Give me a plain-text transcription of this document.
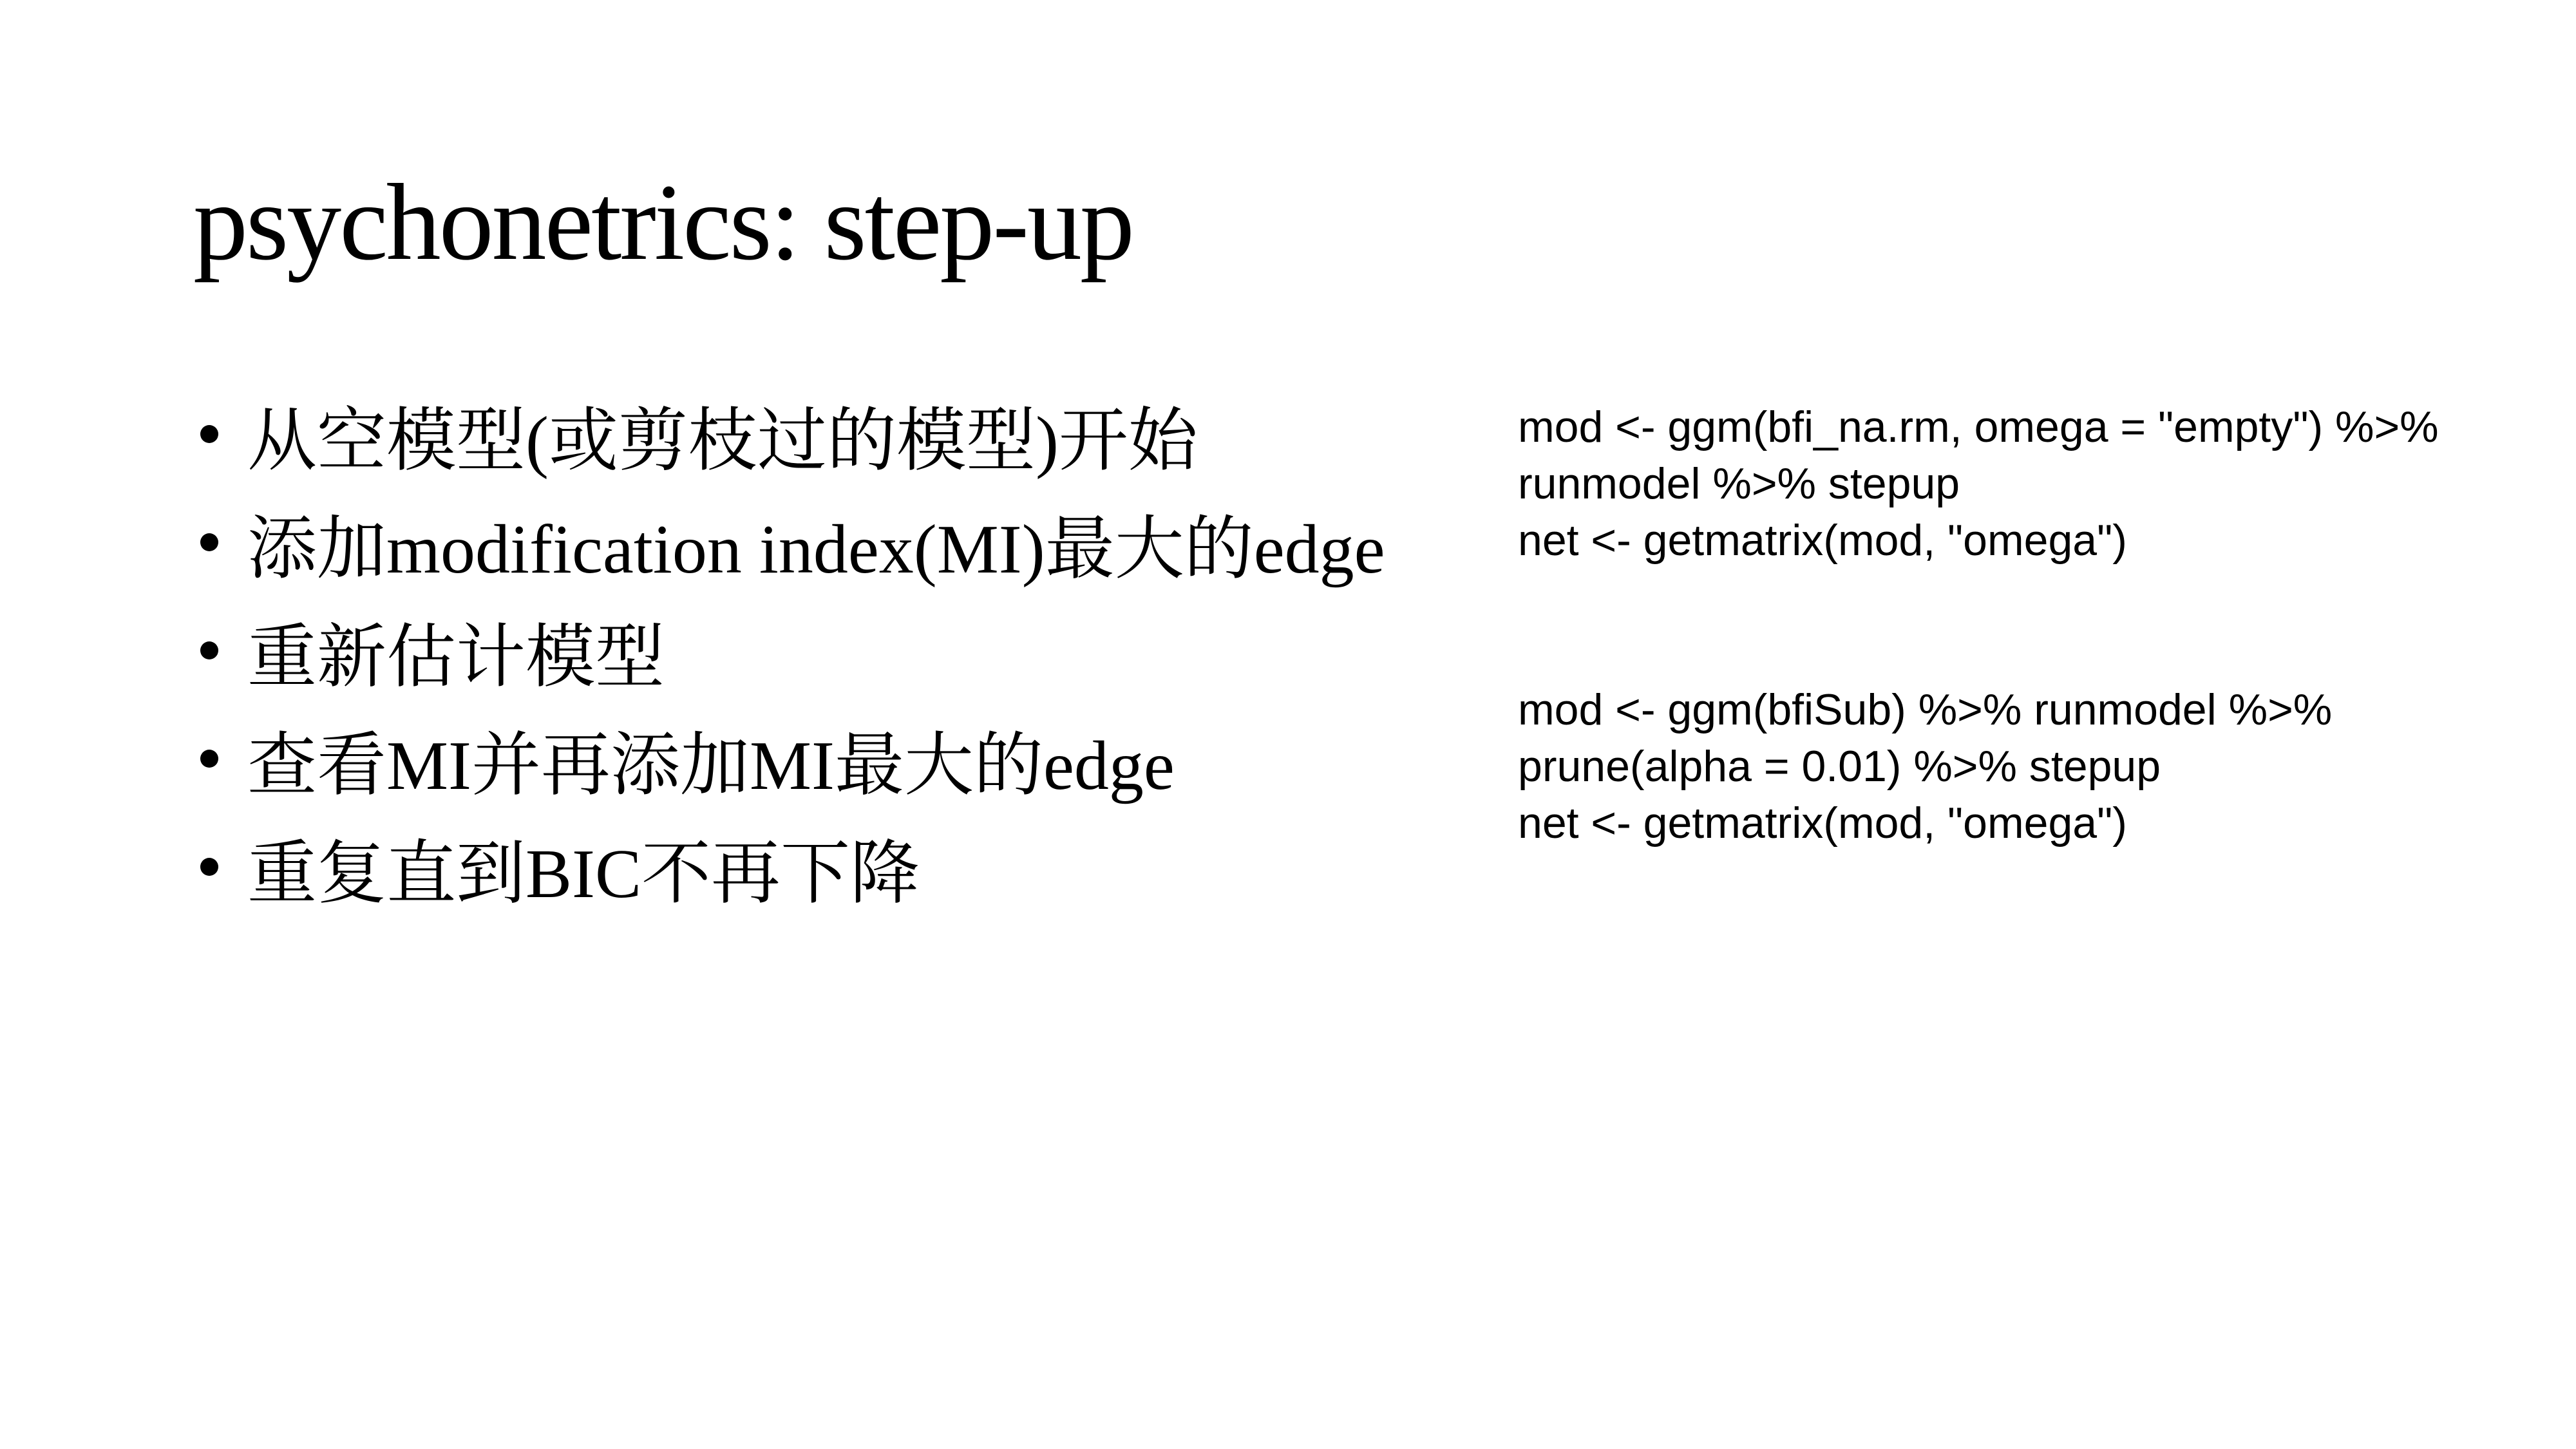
psychonetrics: step-up
从空模型(或剪枝过的模型)开始
添加modification index(MI)最大的edge
重新估计模型
查看MI并再添加MI最大的edge
重复直到BIC不再下降
mod <- ggm(bfi_na.rm, omega = "empty") %>%
runmodel %>% stepup
net <- getmatrix(mod, "omega")
mod <- ggm(bfiSub) %>% runmodel %>%
prune(alpha = 0.01) %>% stepup
net <- getmatrix(mod, "omega")
